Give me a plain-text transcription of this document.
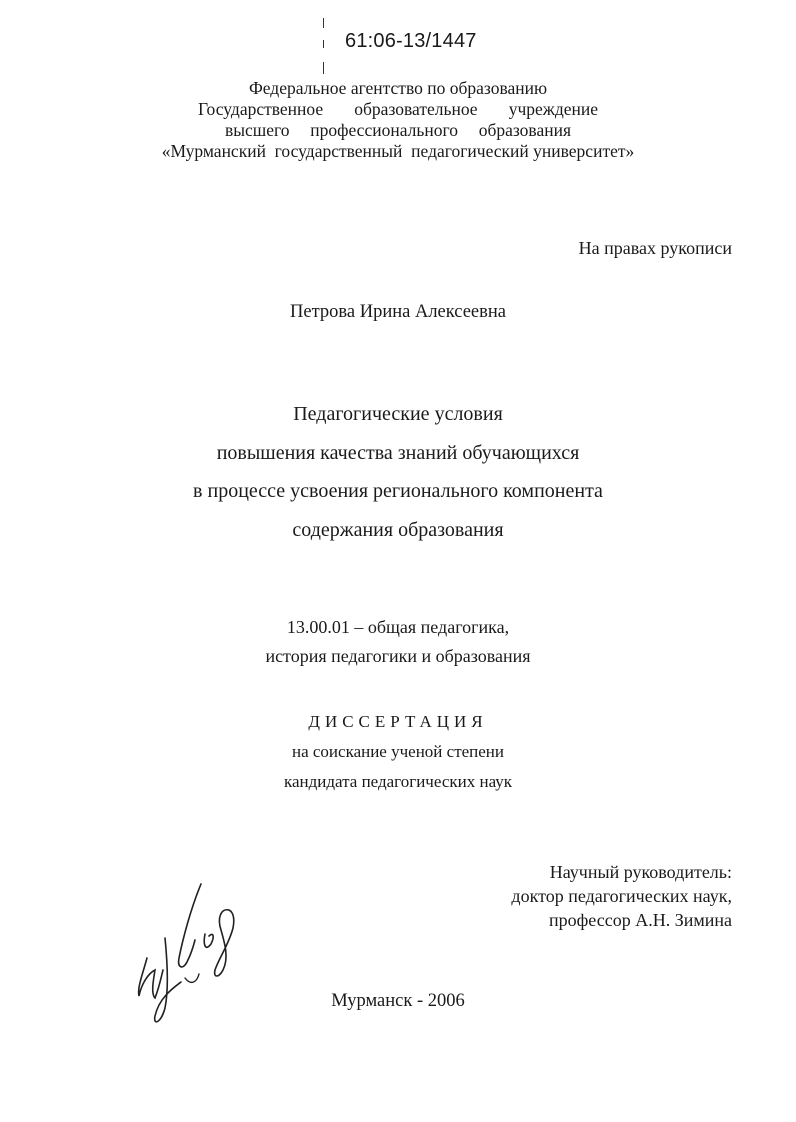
61:06-13/1447
Федеральное агентство по образованию
Государственное   образовательное   учреждение
высшего  профессионального  образования
«Мурманский  государственный  педагогический университет»
На правах рукописи
Петрова Ирина Алексеевна
Педагогические условия
повышения качества знаний обучающихся
в процессе усвоения регионального компонента
содержания образования
13.00.01 – общая педагогика,
история педагогики и образования
ДИССЕРТАЦИЯ
на соискание ученой степени
кандидата педагогических наук
Научный руководитель:
доктор педагогических наук,
профессор А.Н. Зимина
Мурманск - 2006
